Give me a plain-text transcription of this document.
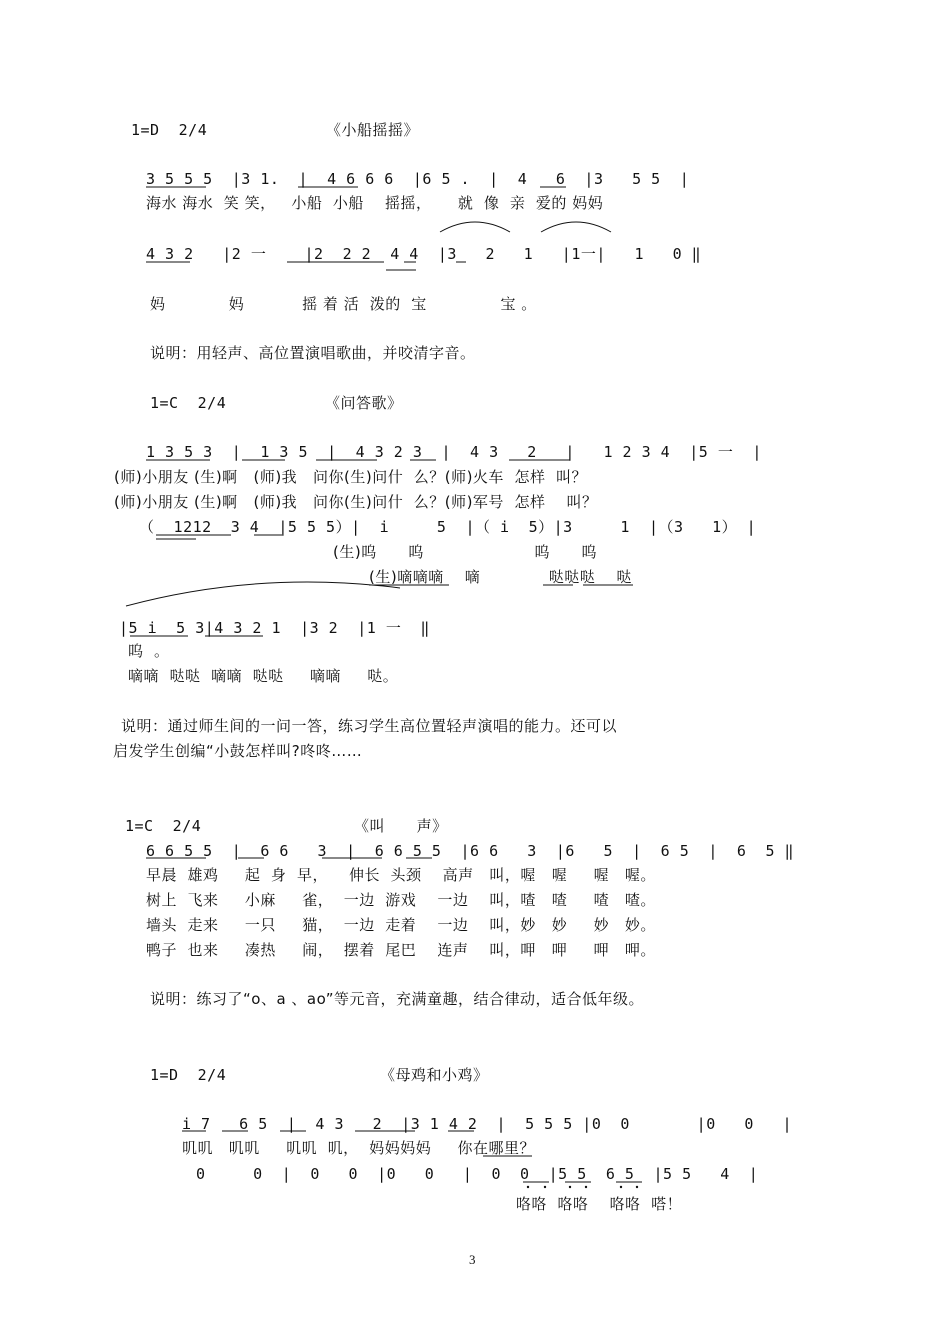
1=D  2/4	《小船摇摇》
3 5 5 5  |3 1.  |  4 6 6 6  |6 5 .  |  4   6  |3   5 5  |
海水 海水  笑 笑，   小船  小船    摇摇，     就  像  亲  爱的 妈妈
4 3 2   |2 一    |2  2 2  4 4  |3   2   1   |1一|   1   0 ‖
妈            妈           摇 着 活  泼的  宝              宝 。
说明：用轻声、高位置演唱歌曲，并咬清字音。
1=C  2/4	《问答歌》
1 3 5 3  |  1 3 5  |  4 3 2 3  |  4 3   2   |   1 2 3 4  |5 一  |
(师)小朋友 (生)啊   (师)我   问你(生)问什  么？(师)火车  怎样  叫？
(师)小朋友 (生)啊   (师)我   问你(生)问什  么？(师)军号  怎样    叫？
（  1212  3 4  |5 5 5）|  i     5  |（ i  5）|3     1  |（3   1） |
(生)呜      呜                     呜      呜
(生)嘀嘀嘀    嘀             哒哒哒    哒
|5 i  5 3|4 3 2 1  |3 2  |1 一  ‖
呜  。
嘀嘀  哒哒  嘀嘀  哒哒     嘀嘀     哒。
说明：通过师生间的一问一答，练习学生高位置轻声演唱的能力。还可以
启发学生创编“小鼓怎样叫?咚咚……
1=C  2/4	《叫      声》
6 6 5 5  |  6 6   3  |  6 6 5 5  |6 6   3  |6   5  |  6 5  |  6  5 ‖
早晨  雄鸡     起  身  早，    伸长  头颈    高声   叫，喔   喔     喔   喔。
树上  飞来     小麻     雀，  一边  游戏    一边    叫，喳   喳     喳   喳。
墙头  走来     一只     猫，  一边  走着    一边    叫，妙   妙     妙   妙。
鸭子  也来     凑热     闹，  摆着  尾巴    连声    叫，呷   呷     呷   呷。
说明：练习了“o、a 、ao”等元音，充满童趣，结合律动，适合低年级。
1=D  2/4	《母鸡和小鸡》
i 7   6 5  |  4 3   2  |3 1 4 2  |  5 5 5 |0  0       |0   0   |
叽叽   叽叽     叽叽  叽，  妈妈妈妈     你在哪里？
0     0  |  0   0  |0   0   |  0  0  |5 5  6 5  |5 5   4  |
咯咯  咯咯    咯咯  嗒！
3
